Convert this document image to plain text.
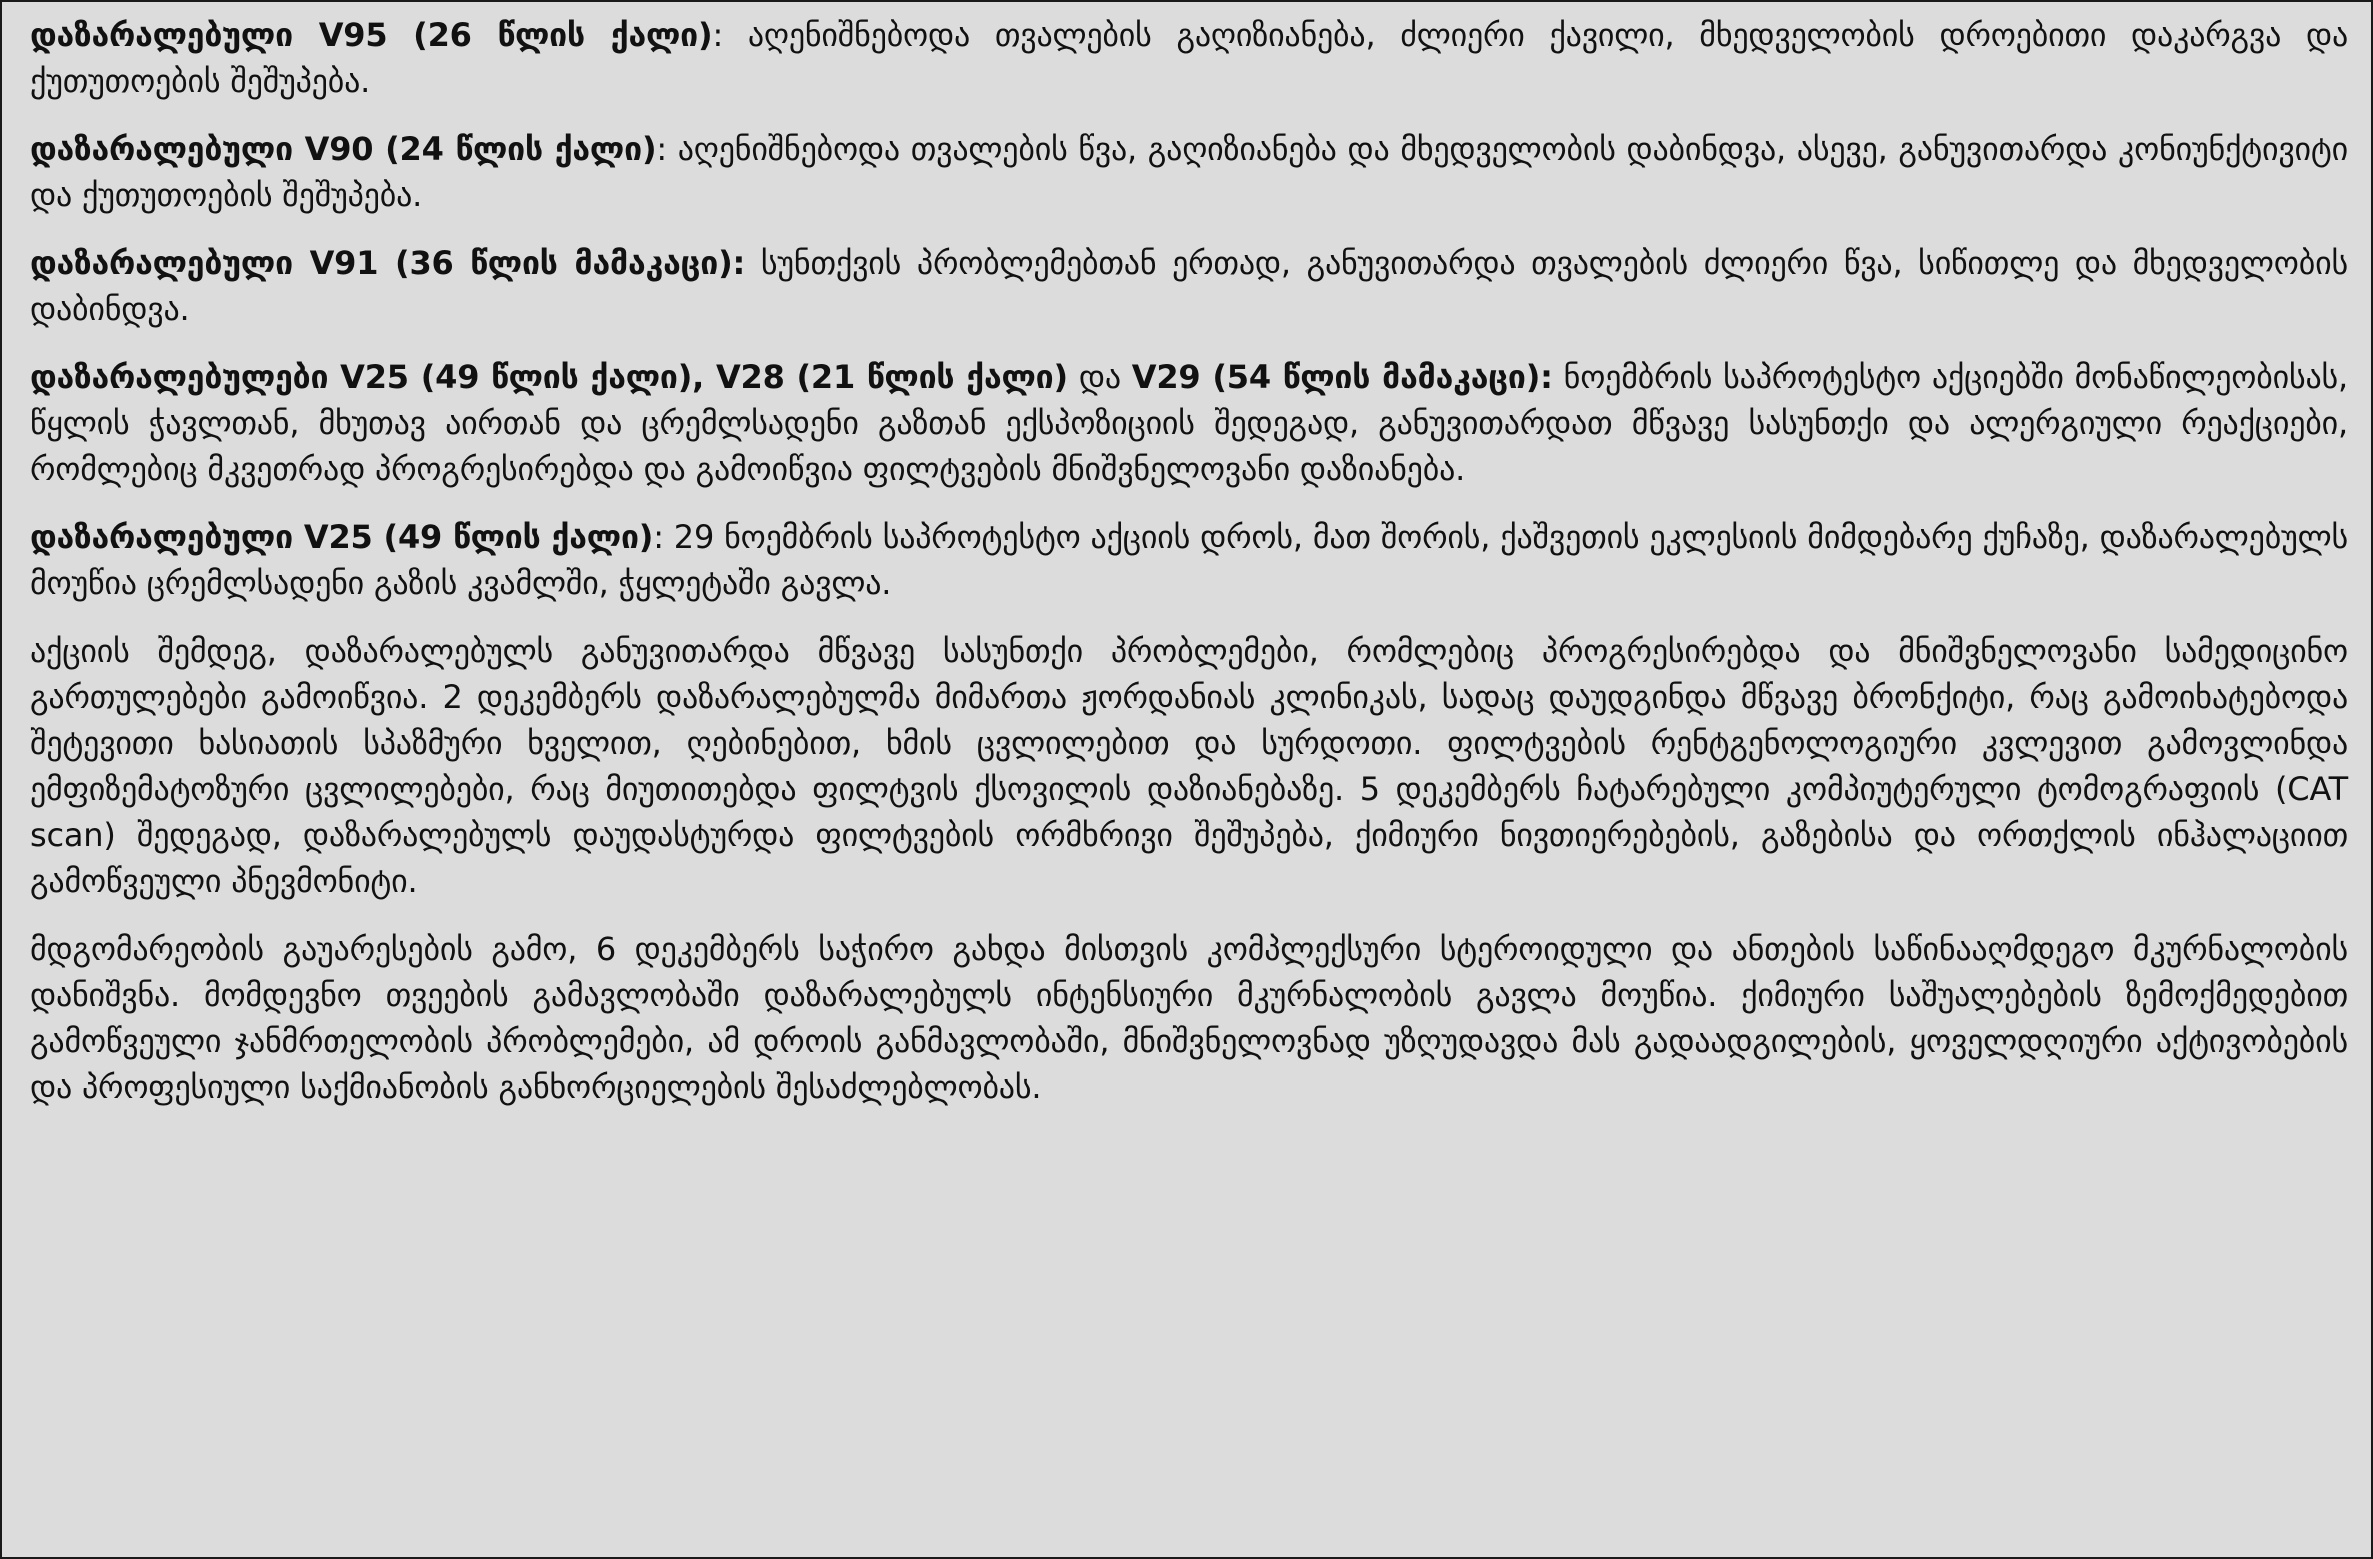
დაზარალებული V95 (26 წლის ქალი): აღენიშნებოდა თვალების გაღიზიანება, ძლიერი ქავილი, მხედველობის დროებითი დაკარგვა და ქუთუთოების შეშუპება.

დაზარალებული V90 (24 წლის ქალი): აღენიშნებოდა თვალების წვა, გაღიზიანება და მხედველობის დაბინდვა, ასევე, განუვითარდა კონიუნქტივიტი და ქუთუთოების შეშუპება.

დაზარალებული V91 (36 წლის მამაკაცი): სუნთქვის პრობლემებთან ერთად, განუვითარდა თვალების ძლიერი წვა, სიწითლე და მხედველობის დაბინდვა.

დაზარალებულები V25 (49 წლის ქალი), V28 (21 წლის ქალი) და V29 (54 წლის მამაკაცი): ნოემბრის საპროტესტო აქციებში მონაწილეობისას, წყლის ჭავლთან, მხუთავ აირთან და ცრემლსადენი გაზთან ექსპოზიციის შედეგად, განუვითარდათ მწვავე სასუნთქი და ალერგიული რეაქციები, რომლებიც მკვეთრად პროგრესირებდა და გამოიწვია ფილტვების მნიშვნელოვანი დაზიანება.

დაზარალებული V25 (49 წლის ქალი): 29 ნოემბრის საპროტესტო აქციის დროს, მათ შორის, ქაშვეთის ეკლესიის მიმდებარე ქუჩაზე, დაზარალებულს მოუწია ცრემლსადენი გაზის კვამლში, ჭყლეტაში გავლა.

აქციის შემდეგ, დაზარალებულს განუვითარდა მწვავე სასუნთქი პრობლემები, რომლებიც პროგრესირებდა და მნიშვნელოვანი სამედიცინო გართულებები გამოიწვია. 2 დეკემბერს დაზარალებულმა მიმართა ჟორდანიას კლინიკას, სადაც დაუდგინდა მწვავე ბრონქიტი, რაც გამოიხატებოდა შეტევითი ხასიათის სპაზმური ხველით, ღებინებით, ხმის ცვლილებით და სურდოთი. ფილტვების რენტგენოლოგიური კვლევით გამოვლინდა ემფიზემატოზური ცვლილებები, რაც მიუთითებდა ფილტვის ქსოვილის დაზიანებაზე. 5 დეკემბერს ჩატარებული კომპიუტერული ტომოგრაფიის (CAT scan) შედეგად, დაზარალებულს დაუდასტურდა ფილტვების ორმხრივი შეშუპება, ქიმიური ნივთიერებების, გაზებისა და ორთქლის ინჰალაციით გამოწვეული პნევმონიტი.

მდგომარეობის გაუარესების გამო, 6 დეკემბერს საჭირო გახდა მისთვის კომპლექსური სტეროიდული და ანთების საწინააღმდეგო მკურნალობის დანიშვნა. მომდევნო თვეების გამავლობაში დაზარალებულს ინტენსიური მკურნალობის გავლა მოუწია. ქიმიური საშუალებების ზემოქმედებით გამოწვეული ჯანმრთელობის პრობლემები, ამ დროის განმავლობაში, მნიშვნელოვნად უზღუდავდა მას გადაადგილების, ყოველდღიური აქტივობების და პროფესიული საქმიანობის განხორციელების შესაძლებლობას.
